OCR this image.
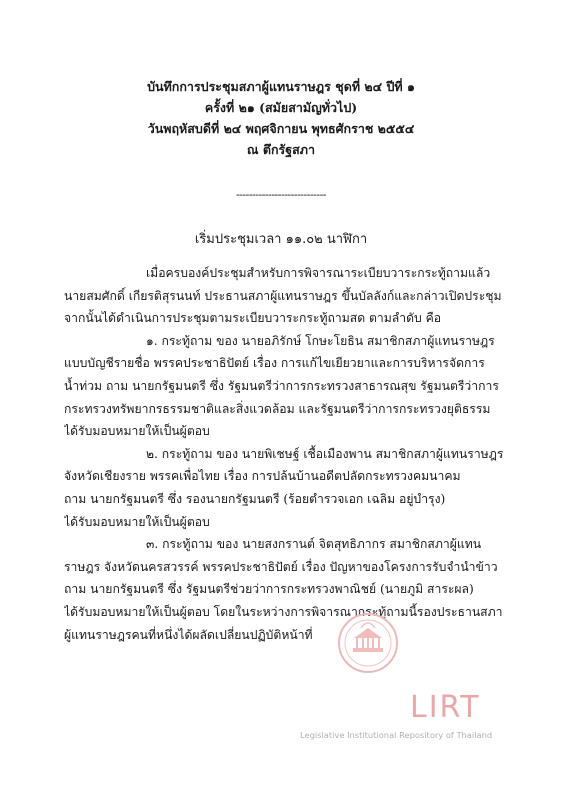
บันทึกการประชุมสภาผู้แทนราษฎร ชุดที่ ๒๔ ปีที่ ๑
ครั้งที่ ๒๑ (สมัยสามัญทั่วไป)
วันพฤหัสบดีที่ ๒๔ พฤศจิกายน พุทธศักราช ๒๕๕๔
ณ ตึกรัฐสภา
----------------------------
เริ่มประชุมเวลา ๑๑.๐๒ นาฬิกา
เมื่อครบองค์ประชุมสำหรับการพิจารณาระเบียบวาระกระทู้ถามแล้ว
นายสมศักดิ์ เกียรติสุรนนท์ ประธานสภาผู้แทนราษฎร ขึ้นบัลลังก์และกล่าวเปิดประชุม
จากนั้นได้ดำเนินการประชุมตามระเบียบวาระกระทู้ถามสด ตามลำดับ คือ
๑. กระทู้ถาม ของ นายอภิรักษ์ โกษะโยธิน สมาชิกสภาผู้แทนราษฎร
แบบบัญชีรายชื่อ พรรคประชาธิปัตย์ เรื่อง การแก้ไขเยียวยาและการบริหารจัดการ
น้ำท่วม ถาม นายกรัฐมนตรี ซึ่ง รัฐมนตรีว่าการกระทรวงสาธารณสุข รัฐมนตรีว่าการ
กระทรวงทรัพยากรธรรมชาติและสิ่งแวดล้อม และรัฐมนตรีว่าการกระทรวงยุติธรรม
ได้รับมอบหมายให้เป็นผู้ตอบ
๒. กระทู้ถาม ของ นายพิเชษฐ์ เชื้อเมืองพาน สมาชิกสภาผู้แทนราษฎร
จังหวัดเชียงราย พรรคเพื่อไทย เรื่อง การปล้นบ้านอดีตปลัดกระทรวงคมนาคม
ถาม นายกรัฐมนตรี ซึ่ง รองนายกรัฐมนตรี (ร้อยตำรวจเอก เฉลิม อยู่บำรุง)
ได้รับมอบหมายให้เป็นผู้ตอบ
๓. กระทู้ถาม ของ นายสงกรานต์ จิตสุทธิภากร สมาชิกสภาผู้แทน
ราษฎร จังหวัดนครสวรรค์ พรรคประชาธิปัตย์ เรื่อง ปัญหาของโครงการรับจำนำข้าว
ถาม นายกรัฐมนตรี ซึ่ง รัฐมนตรีช่วยว่าการกระทรวงพาณิชย์ (นายภูมิ สาระผล)
ได้รับมอบหมายให้เป็นผู้ตอบ โดยในระหว่างการพิจารณากระทู้ถามนี้รองประธานสภา
ผู้แทนราษฎรคนที่หนึ่งได้ผลัดเปลี่ยนปฏิบัติหน้าที่
LIRT
Legislative Institutional Repository of Thailand
